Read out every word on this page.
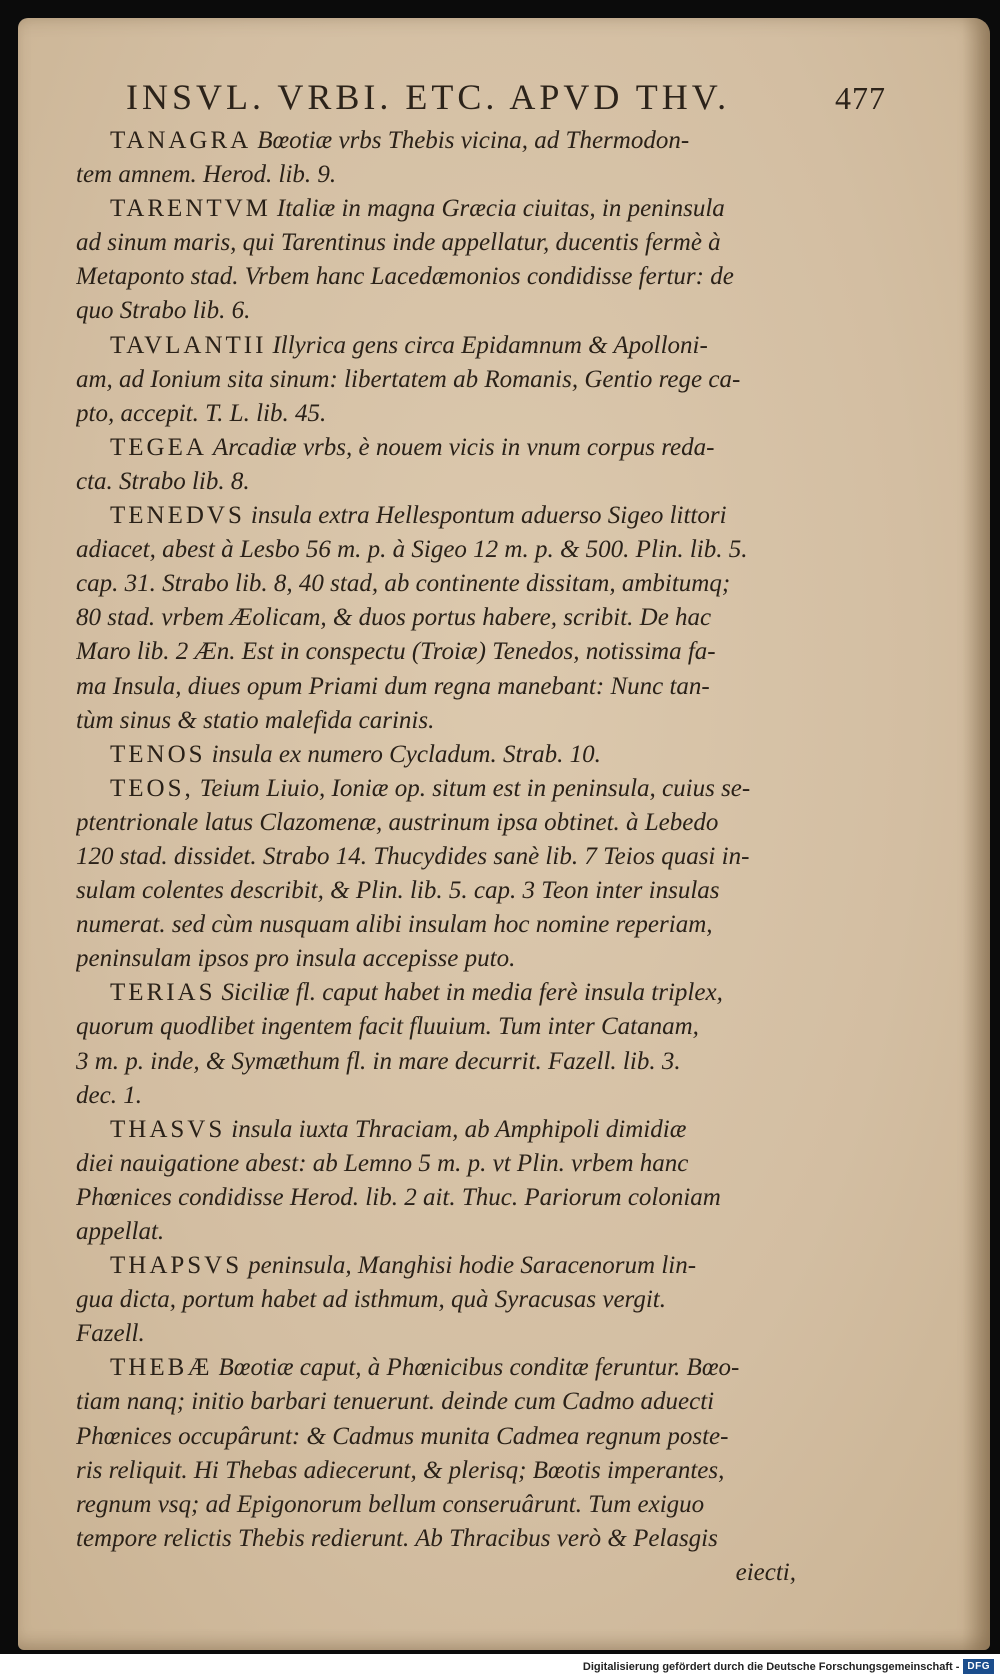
INSVL. VRBI. ETC. APVD THV.	477
TANAGRA Bœotiæ vrbs Thebis vicina, ad Thermodon-
tem amnem. Herod. lib. 9.
TARENTVM Italiæ in magna Græcia ciuitas, in peninsula
ad sinum maris, qui Tarentinus inde appellatur, ducentis fermè à
Metaponto stad. Vrbem hanc Lacedæmonios condidisse fertur: de
quo Strabo lib. 6.
TAVLANTII Illyrica gens circa Epidamnum & Apolloni-
am, ad Ionium sita sinum: libertatem ab Romanis, Gentio rege ca-
pto, accepit. T. L. lib. 45.
TEGEA Arcadiæ vrbs, è nouem vicis in vnum corpus reda-
cta. Strabo lib. 8.
TENEDVS insula extra Hellespontum aduerso Sigeo littori
adiacet, abest à Lesbo 56 m. p. à Sigeo 12 m. p. & 500. Plin. lib. 5.
cap. 31. Strabo lib. 8, 40 stad, ab continente dissitam, ambitumq;
80 stad. vrbem Æolicam, & duos portus habere, scribit. De hac
Maro lib. 2 Æn. Est in conspectu (Troiæ) Tenedos, notissima fa-
ma Insula, diues opum Priami dum regna manebant: Nunc tan-
tùm sinus & statio malefida carinis.
TENOS insula ex numero Cycladum. Strab. 10.
TEOS, Teium Liuio, Ioniæ op. situm est in peninsula, cuius se-
ptentrionale latus Clazomenæ, austrinum ipsa obtinet. à Lebedo
120 stad. dissidet. Strabo 14. Thucydides sanè lib. 7 Teios quasi in-
sulam colentes describit, & Plin. lib. 5. cap. 3 Teon inter insulas
numerat. sed cùm nusquam alibi insulam hoc nomine reperiam,
peninsulam ipsos pro insula accepisse puto.
TERIAS Siciliæ fl. caput habet in media ferè insula triplex,
quorum quodlibet ingentem facit fluuium. Tum inter Catanam,
3 m. p. inde, & Symæthum fl. in mare decurrit. Fazell. lib. 3.
dec. 1.
THASVS insula iuxta Thraciam, ab Amphipoli dimidiæ
diei nauigatione abest: ab Lemno 5 m. p. vt Plin. vrbem hanc
Phœnices condidisse Herod. lib. 2 ait. Thuc. Pariorum coloniam
appellat.
THAPSVS peninsula, Manghisi hodie Saracenorum lin-
gua dicta, portum habet ad isthmum, quà Syracusas vergit.
Fazell.
THEBÆ Bœotiæ caput, à Phœnicibus conditæ feruntur. Bœo-
tiam nanq; initio barbari tenuerunt. deinde cum Cadmo aduecti
Phœnices occupârunt: & Cadmus munita Cadmea regnum poste-
ris reliquit. Hi Thebas adiecerunt, & plerisq; Bœotis imperantes,
regnum vsq; ad Epigonorum bellum conseruârunt. Tum exiguo
tempore relictis Thebis redierunt. Ab Thracibus verò & Pelasgis
eiecti,
Digitalisierung gefördert durch die Deutsche Forschungsgemeinschaft - DFG
